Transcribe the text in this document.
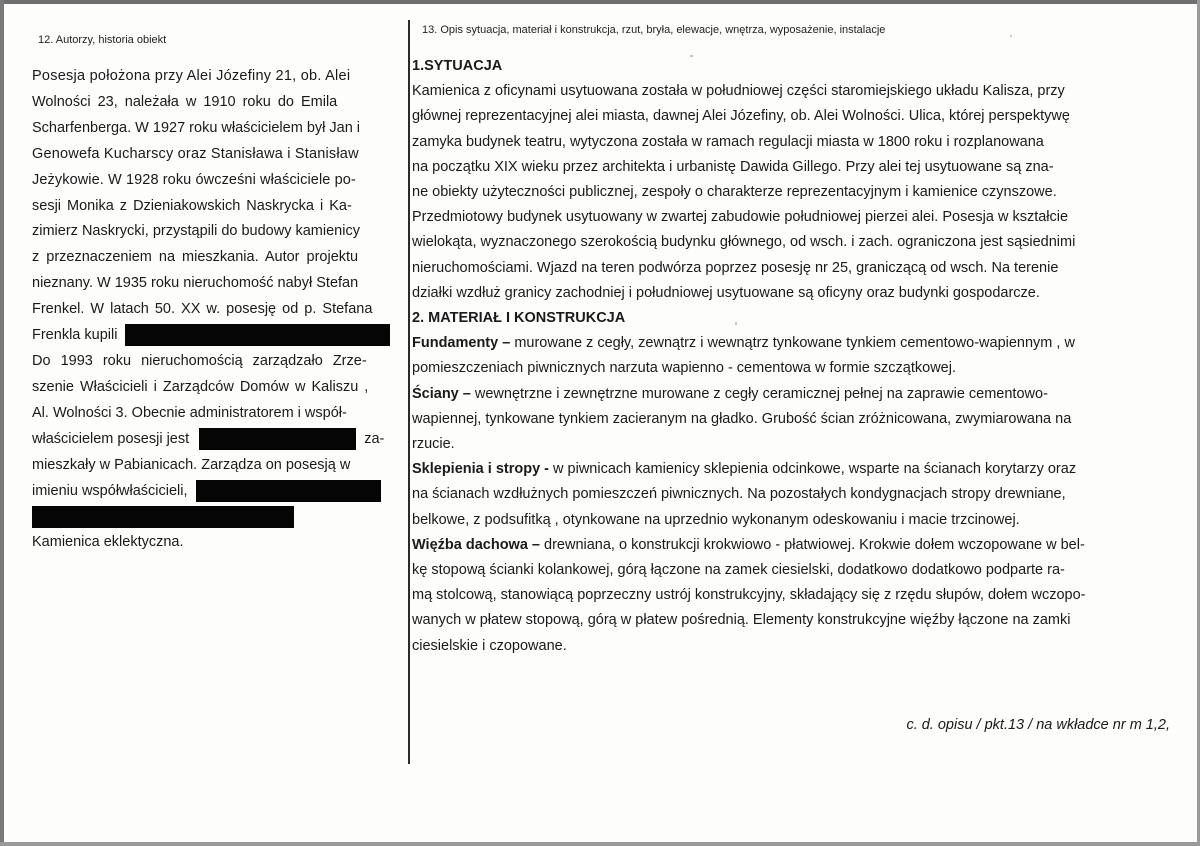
12. Autorzy, historia obiekt

Posesja położona przy Alei Józefiny 21, ob. Alei
Wolności 23, należała w 1910 roku do Emila
Scharfenberga. W 1927 roku właścicielem był Jan i
Genowefa Kucharscy oraz Stanisława i Stanisław
Jeżykowie. W 1928 roku ówcześni właściciele po-
sesji Monika z Dzieniakowskich Naskrycka i Ka-
zimierz Naskrycki, przystąpili do budowy kamienicy
z przeznaczeniem na mieszkania. Autor projektu
nieznany. W 1935 roku nieruchomość nabył Stefan
Frenkel. W latach 50. XX w. posesję od p. Stefana
Frenkla kupili
Do 1993 roku nieruchomością zarządzało Zrze-
szenie Właścicieli i Zarządców Domów w Kaliszu ,
Al. Wolności 3. Obecnie administratorem i współ-
właścicielem posesji jest	za-
mieszkały w Pabianicach. Zarządza on posesją w
imieniu współwłaścicieli,
Kamienica eklektyczna.

13. Opis sytuacja, materiał i konstrukcja, rzut, bryła, elewacje, wnętrza, wyposażenie, instalacje

1.SYTUACJA
Kamienica z oficynami usytuowana została w południowej części staromiejskiego układu Kalisza, przy
głównej reprezentacyjnej alei miasta, dawnej Alei Józefiny, ob. Alei Wolności. Ulica, której perspektywę
zamyka budynek teatru, wytyczona została w ramach regulacji miasta w 1800 roku i rozplanowana
na początku XIX wieku przez architekta i urbanistę Dawida Gillego. Przy alei tej usytuowane są zna-
ne obiekty użyteczności publicznej, zespoły o charakterze reprezentacyjnym i kamienice czynszowe.
Przedmiotowy budynek usytuowany w zwartej zabudowie południowej pierzei alei. Posesja w kształcie
wielokąta, wyznaczonego szerokością budynku głównego, od wsch. i zach. ograniczona jest sąsiednimi
nieruchomościami. Wjazd na teren podwórza poprzez posesję nr 25, graniczącą od wsch. Na terenie
działki wzdłuż granicy zachodniej i południowej usytuowane są oficyny oraz budynki gospodarcze.
2. MATERIAŁ I KONSTRUKCJA
Fundamenty – murowane z cegły, zewnątrz i wewnątrz tynkowane tynkiem cementowo-wapiennym , w
pomieszczeniach piwnicznych narzuta wapienno - cementowa w formie szczątkowej.
Ściany – wewnętrzne i zewnętrzne murowane z cegły ceramicznej pełnej na zaprawie cementowo-
wapiennej, tynkowane tynkiem zacieranym na gładko. Grubość ścian zróżnicowana, zwymiarowana na
rzucie.
Sklepienia i stropy - w piwnicach kamienicy sklepienia odcinkowe, wsparte na ścianach korytarzy oraz
na ścianach wzdłużnych pomieszczeń piwnicznych. Na pozostałych kondygnacjach stropy drewniane,
belkowe, z podsufitką , otynkowane na uprzednio wykonanym odeskowaniu i macie trzcinowej.
Więźba dachowa – drewniana, o konstrukcji krokwiowo - płatwiowej. Krokwie dołem wczopowane w bel-
kę stopową ścianki kolankowej, górą łączone na zamek ciesielski, dodatkowo dodatkowo podparte ra-
mą stolcową, stanowiącą poprzeczny ustrój konstrukcyjny, składający się z rzędu słupów, dołem wczopo-
wanych w płatew stopową, górą w płatew pośrednią. Elementy konstrukcyjne więźby łączone na zamki
ciesielskie i czopowane.
c. d. opisu / pkt.13 / na wkładce nr m 1,2,
